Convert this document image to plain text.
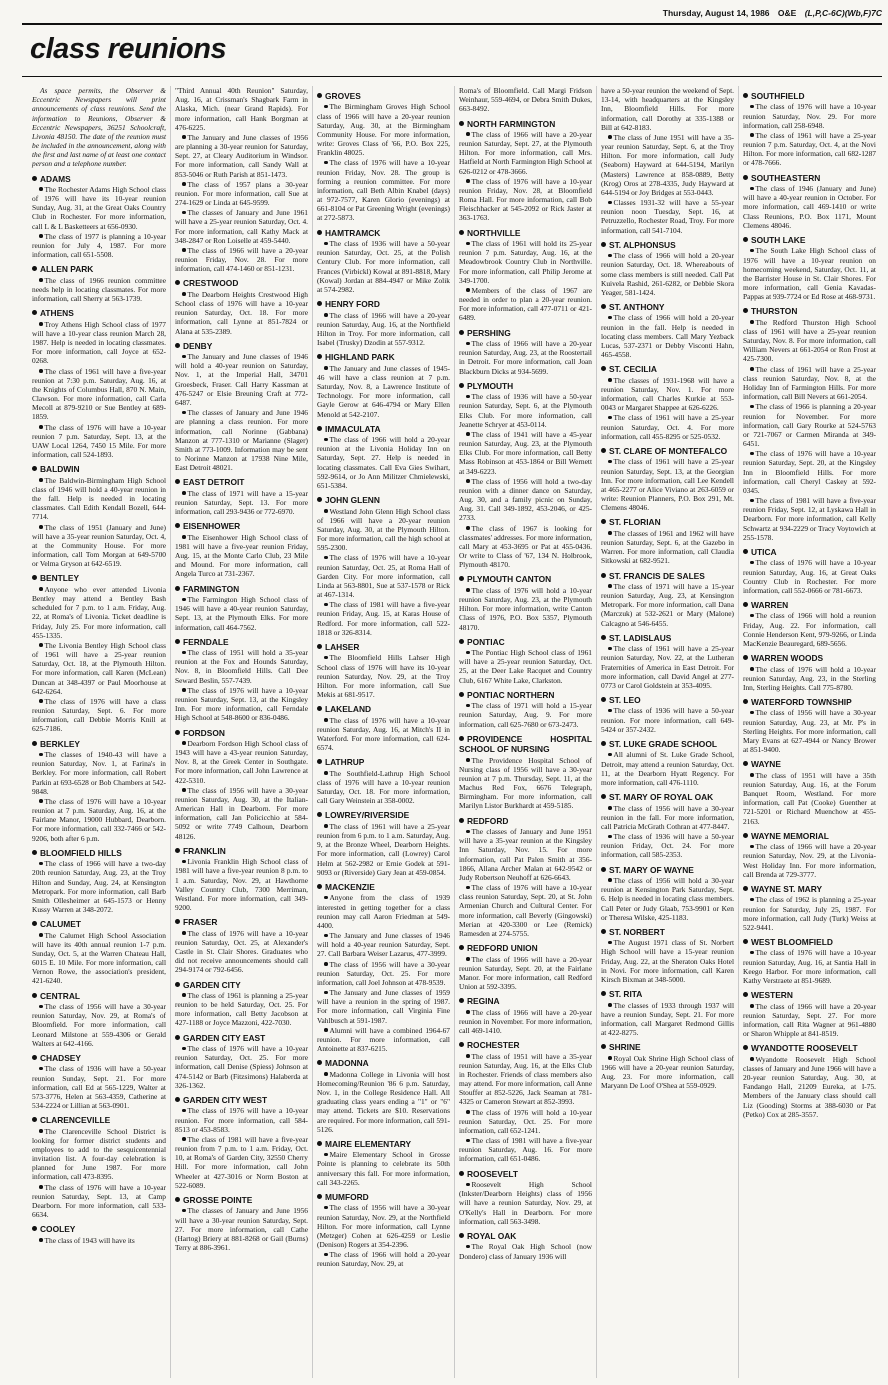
Thursday, August 14, 1986 O&E (L,P,C-6C)(Wb,F)7C
class reunions

As space permits, the Observer & Eccentric Newspapers will print announcements of class reunions. Send the information to Reunions, Observer & Eccentric Newspapers, 36251 Schoolcraft, Livonia 48150. The date of the reunion must be included in the announcement, along with the first and last name of at least one contact person and a telephone number.

ADAMS

The Rochester Adams High School class of 1976 will have its 10-year reunion Sunday, Aug. 31, at the Great Oaks Country Club in Rochester. For more information, call L & L Basketteers at 656-0930.

The class of 1977 is planning a 10-year reunion for July 4, 1987. For more information, call 651-5508.

ALLEN PARK

The class of 1966 reunion committee needs help in locating classmates. For more information, call Sherry at 563-1739.

ATHENS

Troy Athens High School class of 1977 will have a 10-year class reunion March 28, 1987. Help is needed in locating classmates. For more information, call Joyce at 652-0268.

The class of 1961 will have a five-year reunion at 7:30 p.m. Saturday, Aug. 16, at the Knights of Columbus Hall, 870 N. Main, Clawson. For more information, call Carla Mecoll at 879-9210 or Sue Bentley at 689-1859.

The class of 1976 will have a 10-year reunion 7 p.m. Saturday, Sept. 13, at the UAW Local 1264, 7450 15 Mile. For more information, call 524-1893.

BALDWIN

The Baldwin-Birmingham High School class of 1946 will hold a 40-year reunion in the fall. Help is needed in locating classmates. Call Edith Kendall Bozell, 644-7714.

The class of 1951 (January and June) will have a 35-year reunion Saturday, Oct. 4, at the Community House. For more information, call Tom Morgan at 649-5700 or Velma Gryson at 642-6519.

BENTLEY

Anyone who ever attended Livonia Bentley may attend a Bentley Bash scheduled for 7 p.m. to 1 a.m. Friday, Aug. 22, at Roma's of Livonia. Ticket deadline is Friday, July 25. For more information, call 455-1335.

The Livonia Bentley High School class of 1961 will have a 25-year reunion Saturday, Oct. 18, at the Plymouth Hilton. For more information, call Karen (McLean) Duncan at 348-4397 or Paul Moorhouse at 642-6264.

The class of 1976 will have a class reunion Saturday, Sept. 6. For more information, call Debbie Morris Knill at 625-7186.

BERKLEY

The classes of 1940-43 will have a reunion Saturday, Nov. 1, at Farina's in Berkley. For more information, call Robert Parkin at 693-6528 or Bob Chambers at 542-9848.

The class of 1976 will have a 10-year reunion at 7 p.m. Saturday, Aug. 16, at the Fairlane Manor, 19000 Hubbard, Dearborn. For more information, call 332-7466 or 542-9206, both after 6 p.m.

BLOOMFIELD HILLS

The class of 1966 will have a two-day 20th reunion Saturday, Aug. 23, at the Troy Hilton and Sunday, Aug. 24, at Kensington Metropark. For more information, call Barb Smith Ollesheimer at 645-1573 or Henny Kussy Warren at 348-2072.

CALUMET

The Calumet High School Association will have its 40th annual reunion 1-7 p.m. Sunday, Oct. 5, at the Warren Chateau Hall, 6015 E. 10 Mile. For more information, call Vernon Rowe, the association's president, 421-6240.

CENTRAL

The class of 1956 will have a 30-year reunion Saturday, Nov. 29, at Roma's of Bloomfield. For more information, call Leonard Milstone at 559-4306 or Gerald Walters at 642-4166.

CHADSEY

The class of 1936 will have a 50-year reunion Sunday, Sept. 21. For more information, call Ed at 565-1229, Walter at 573-3776, Helen at 563-4359, Catherine at 534-2224 or Lillian at 563-0901.

CLARENCEVILLE

The Clarenceville School District is looking for former district students and employees to add to the sesquicentennial invitation list. A four-day celebration is planned for June 1987. For more information, call 473-8395.

The class of 1976 will have a 10-year reunion Saturday, Sept. 13, at Camp Dearborn. For more information, call 533-6634.

COOLEY

The class of 1943 will have its

"Third Annual 40th Reunion" Saturday, Aug. 16, at Crissman's Shagbark Farm in Alaska, Mich. (near Grand Rapids). For more information, call Hank Borgman at 476-6225.

The January and June classes of 1956 are planning a 30-year reunion for Saturday, Sept. 27, at Cleary Auditorium in Windsor. For more information, call Sandy Wall at 853-5046 or Ruth Parish at 851-1473.

The class of 1957 plans a 30-year reunion. For more information, call Sue at 274-1629 or Linda at 645-9599.

The classes of January and June 1961 will have a 25-year reunion Saturday, Oct. 4. For more information, call Kathy Mack at 348-2847 or Ron Loiselle at 459-5440.

The class of 1966 will have a 20-year reunion Friday, Nov. 28. For more information, call 474-1460 or 851-1231.

CRESTWOOD

The Dearborn Heights Crestwood High School class of 1976 will have a 10-year reunion Saturday, Oct. 18. For more information, call Lynne at 851-7824 or Alana at 535-2389.

DENBY

The January and June classes of 1946 will hold a 40-year reunion on Saturday, Nov. 1, at the Imperial Hall, 34701 Groesbeck, Fraser. Call Harry Kassman at 476-5247 or Elsie Breuning Craft at 772-6487.

The classes of January and June 1946 are planning a class reunion. For more information, call Norinne (Gabbana) Manzon at 777-1310 or Marianne (Slager) Smith at 773-1009. Information may be sent to Norinne Manzon at 17938 Nine Mile, East Detroit 48021.

EAST DETROIT

The class of 1971 will have a 15-year reunion Saturday, Sept. 13. For more information, call 293-9436 or 772-6970.

EISENHOWER

The Eisenhower High School class of 1981 will have a five-year reunion Friday, Aug. 15, at the Monte Carlo Club, 23 Mile and Mound. For more information, call Angela Turco at 731-2367.

FARMINGTON

The Farmington High School class of 1946 will have a 40-year reunion Saturday, Sept. 13, at the Plymouth Elks. For more information, call 464-7562.

FERNDALE

The class of 1951 will hold a 35-year reunion at the Fox and Hounds Saturday, Nov. 8, in Bloomfield Hills. Call Dee Seward Beslin, 557-7439.

The class of 1976 will have a 10-year reunion Saturday, Sept. 13, at the Kingsley Inn. For more information, call Ferndale High School at 548-8600 or 836-0486.

FORDSON

Dearborn Fordson High School class of 1943 will have a 43-year reunion Saturday, Nov. 8, at the Greek Center in Southgate. For more information, call John Lawrence at 422-5310.

The class of 1956 will have a 30-year reunion Saturday, Aug. 30, at the Italian-American Hall in Dearborn. For more information, call Jan Policicchio at 584-5092 or write 7749 Calhoun, Dearborn 48126.

FRANKLIN

Livonia Franklin High School class of 1981 will have a five-year reunion 8 p.m. to 1 a.m. Saturday, Nov. 29, at Hawthorne Valley Country Club, 7300 Merriman, Westland. For more information, call 349-9200.

FRASER

The class of 1976 will have a 10-year reunion Saturday, Oct. 25, at Alexander's Castle in St. Clair Shores. Graduates who did not receive announcements should call 294-9174 or 792-6456.

GARDEN CITY

The class of 1961 is planning a 25-year reunion to be held Saturday, Oct. 25. For more information, call Betty Jacobson at 427-1188 or Joyce Mazzoni, 422-7030.

GARDEN CITY EAST

The class of 1976 will have a 10-year reunion Saturday, Oct. 25. For more information, call Denise (Spiess) Johnson at 474-5142 or Barb (Fitzsimons) Halaberda at 326-1362.

GARDEN CITY WEST

The class of 1976 will have a 10-year reunion. For more information, call 584-8513 or 453-8583.

The class of 1981 will have a five-year reunion from 7 p.m. to 1 a.m. Friday, Oct. 10, at Roma's of Garden City, 32550 Cherry Hill. For more information, call John Wheeler at 427-3016 or Norm Boston at 522-6089.

GROSSE POINTE

The classes of January and June 1956 will have a 30-year reunion Saturday, Sept. 27. For more information, call Cathe (Hartog) Briery at 881-8268 or Gail (Burns) Terry at 886-3961.

GROVES

The Birmingham Groves High School class of 1966 will have a 20-year reunion Saturday, Aug. 30, at the Birmingham Community House. For more information, write: Groves Class of '66, P.O. Box 225, Franklin 48025.

The class of 1976 will have a 10-year reunion Friday, Nov. 28. The group is forming a reunion committee. For more information, call Beth Albin Knabel (days) at 972-7577, Karen Glorio (evenings) at 661-8104 or Pat Greening Wright (evenings) at 272-5873.

HAMTRAMCK

The class of 1936 will have a 50-year reunion Saturday, Oct. 25, at the Polish Century Club. For more information, call Frances (Virbickl) Kowal at 891-8818, Mary (Kowal) Jordan at 884-4947 or Mike Zolik at 574-2982.

HENRY FORD

The class of 1966 will have a 20-year reunion Saturday, Aug. 16, at the Northfield Hilton in Troy. For more information, call Isabel (Trusky) Dzodin at 557-9312.

HIGHLAND PARK

The January and June classes of 1945-46 will have a class reunion at 7 p.m. Saturday, Nov. 8, a Lawrence Institute of Technology. For more information, call Gayle Gerow at 646-4794 or Mary Ellen Menold at 542-2107.

IMMACULATA

The class of 1966 will hold a 20-year reunion at the Livonia Holiday Inn on Saturday, Sept. 27. Help is needed in locating classmates. Call Eva Gies Swihart, 592-9614, or Jo Ann Militzer Chmielewski, 651-5384.

JOHN GLENN

Westland John Glenn High School class of 1966 will have a 20-year reunion Saturday, Aug. 30, at the Plymouth Hilton. For more information, call the high school at 595-2300.

The class of 1976 will have a 10-year reunion Saturday, Oct. 25, at Roma Hall of Garden City. For more information, call Linda at 563-8801, Sue at 537-1578 or Rick at 467-1314.

The class of 1981 will have a five-year reunion Friday, Aug. 15, at Karas House of Redford. For more information, call 522-1818 or 326-8314.

LAHSER

The Bloomfield Hills Lahser High School class of 1976 will have its 10-year reunion Saturday, Nov. 29, at the Troy Hilton. For more information, call Sue Mekis at 681-9517.

LAKELAND

The class of 1976 will have a 10-year reunion Saturday, Aug. 16, at Mitch's II in Waterford. For more information, call 624-6574.

LATHRUP

The Southfield-Lathrup High School class of 1976 will have a 10-year reunion Saturday, Oct. 18. For more information, call Gary Weinstein at 358-0002.

LOWREY/RIVERSIDE

The class of 1961 will have a 25-year reunion from 6 p.m. to 1 a.m. Saturday, Aug. 9, at the Bronze Wheel, Dearborn Heights. For more information, call (Lowrey) Carol Helm at 562-2982 or Ernie Godek at 591-9093 or (Riverside) Gary Jean at 459-0854.

MACKENZIE

Anyone from the class of 1939 interested in getting together for a class reunion may call Aaron Friedman at 549-4400.

The January and June classes of 1946 will hold a 40-year reunion Saturday, Sept. 27. Call Barbara Weiser Lazarus, 477-3999.

The class of 1956 will have a 30-year reunion Saturday, Oct. 25. For more information, call Joel Johnson at 478-9539.

The January and June classes of 1959 will have a reunion in the spring of 1987. For more information, call Virginia Fine Vahlbusch at 591-1987.

Alumni will have a combined 1964-67 reunion. For more information, call Antoinette at 837-6215.

MADONNA

Madonna College in Livonia will host Homecoming/Reunion '86 6 p.m. Saturday, Nov. 1, in the College Residence Hall. All graduating class years ending a "1" or "6" may attend. Tickets are $10. Reservations are required. For more information, call 591-5126.

MAIRE ELEMENTARY

Maire Elementary School in Grosse Pointe is planning to celebrate its 50th anniversary this fall. For more information, call 343-2265.

MUMFORD

The class of 1956 will have a 30-year reunion Saturday, Nov. 29, at the Northfield Hilton. For more information, call Lynne (Metzger) Cohen at 626-4259 or Leslie (Denison) Rogers at 354-2396.

The class of 1966 will hold a 20-year reunion Saturday, Nov. 29, at

Roma's of Bloomfield. Call Margi Fridson Weinhaur, 559-4694, or Debra Smith Dukes, 663-8492.

NORTH FARMINGTON

The class of 1966 will have a 20-year reunion Saturday, Sept. 27, at the Plymouth Hilton. For more information, call Mrs. Hatfield at North Farmington High School at 626-0212 or 478-3666.

The class of 1976 will have a 10-year reunion Friday, Nov. 28, at Bloomfield Roma Hall. For more information, call Bob Fleischhacker at 545-2092 or Rick Jaster at 363-1763.

NORTHVILLE

The class of 1961 will hold its 25-year reunion 7 p.m. Saturday, Aug. 16, at the Meadowbrook Country Club in Northville. For more information, call Philip Jerome at 349-1700.

Members of the class of 1967 are needed in order to plan a 20-year reunion. For more information, call 477-0711 or 421-6489.

PERSHING

The class of 1966 will have a 20-year reunion Saturday, Aug. 23, at the Roostertail in Detroit. For more information, call Joan Blackburn Dicks at 934-5699.

PLYMOUTH

The class of 1936 will have a 50-year reunion Saturday, Sept. 6, at the Plymouth Elks Club. For more information, call Jeanette Schryer at 453-0114.

The class of 1941 will have a 45-year reunion Saturday, Aug. 23, at the Plymouth Elks Club. For more information, call Betty Mass Robinson at 453-1864 or Bill Wernett at 349-6223.

The class of 1956 will hold a two-day reunion with a dinner dance on Saturday, Aug. 30, and a family picnic on Sunday, Aug. 31. Call 349-1892, 453-2046, or 425-2733.

The class of 1967 is looking for classmates' addresses. For more information, call Mary at 453-3695 or Pat at 455-0436. Or write to Class of '67, 134 N. Holbrook, Plymouth 48170.

PLYMOUTH CANTON

The class of 1976 will hold a 10-year reunion Saturday, Aug. 23, at the Plymouth Hilton. For more information, write Canton Class of 1976, P.O. Box 5357, Plymouth 48170.

PONTIAC

The Pontiac High School class of 1961 will have a 25-year reunion Saturday, Oct. 25, at the Deer Lake Racquet and Country Club, 6167 White Lake, Clarkston.

PONTIAC NORTHERN

The class of 1971 will hold a 15-year reunion Saturday, Aug. 9. For more information, call 625-7680 or 673-2473.

PROVIDENCE HOSPITAL SCHOOL OF NURSING

The Providence Hospital School of Nursing class of 1956 will have a 30-year reunion at 7 p.m. Thursday, Sept. 11, at the Machus Red Fox, 6676 Telegraph, Birmingham. For more information, call Marilyn Listor Burkhardt at 459-5185.

REDFORD

The classes of January and June 1951 will have a 35-year reunion at the Kingsley Inn Saturday, Nov. 15. For more information, call Pat Palen Smith at 356-1866, Allana Archer Malan at 642-9542 or Judy Robertson Neuhoff at 626-6643.

The class of 1976 will have a 10-year class reunion Saturday, Sept. 20, at St. John Armenian Church and Cultural Center. For more information, call Beverly (Gingowski) Merian at 420-3300 or Lee (Remick) Ramesden at 274-5755.

REDFORD UNION

The class of 1966 will have a 20-year reunion Saturday, Sept. 20, at the Fairlane Manor. For more information, call Redford Union at 592-3395.

REGINA

The class of 1966 will have a 20-year reunion in November. For more information, call 469-1410.

ROCHESTER

The class of 1951 will have a 35-year reunion Saturday, Aug. 16, at the Elks Club in Rochester. Friends of class members also may attend. For more information, call Anne Stouffer at 852-5226, Jack Seaman at 781-4325 or Cameron Stewart at 852-3993.

The class of 1976 will hold a 10-year reunion Saturday, Oct. 25. For more information, call 652-1241.

The class of 1981 will have a five-year reunion Saturday, Aug. 16. For more information, call 651-0486.

ROOSEVELT

Roosevelt High School (Inkster/Dearborn Heights) class of 1956 will have a reunion Saturday, Nov. 29, at O'Kelly's Hall in Dearborn. For more information, call 563-3498.

ROYAL OAK

The Royal Oak High School (now Dondero) class of January 1936 will

have a 50-year reunion the weekend of Sept. 13-14, with headquarters at the Kingsley Inn, Bloomfield Hills. For more information, call Dorothy at 335-1388 or Bill at 642-8183.

The class of June 1951 will have a 35-year reunion Saturday, Sept. 6, at the Troy Hilton. For more information, call Judy (Seaborn) Hayward at 644-5194, Marilyn (Masters) Lawrence at 858-0889, Betty (Krog) Oros at 278-4335, Judy Hayward at 644-5194 or Joy Bridges at 553-0443.

Classes 1931-32 will have a 55-year reunion noon Tuesday, Sept. 16, at Petruzzello, Rochester Road, Troy. For more information, call 541-7104.

ST. ALPHONSUS

The class of 1966 will hold a 20-year reunion Saturday, Oct. 18. Whereabouts of some class members is still needed. Call Pat Kuivela Rashid, 261-6282, or Debbie Skora Yeager, 581-1424.

ST. ANTHONY

The class of 1966 will hold a 20-year reunion in the fall. Help is needed in locating class members. Call Mary Yezback Lucas, 537-2371 or Debby Visconti Hahn, 465-4558.

ST. CECILIA

The classes of 1931-1968 will have a reunion Saturday, Nov. 1. For more information, call Charles Kurkie at 553-0043 or Margaret Shappee at 626-6226.

The class of 1961 will have a 25-year reunion Saturday, Oct. 4. For more information, call 455-8295 or 525-0532.

ST. CLARE OF MONTEFALCO

The class of 1961 will have a 25-year reunion Saturday, Sept. 13, at the Georgian Inn. For more information, call Lee Kendell at 465-2277 or Alice Viviano at 263-6059 or write: Reunion Planners, P.O. Box 291, Mt. Clemens 48046.

ST. FLORIAN

The classes of 1961 and 1962 will have reunion Saturday, Sept. 6, at the Gazebo in Warren. For more information, call Claudia Sitkowski at 682-9521.

ST. FRANCIS DE SALES

The class of 1971 will have a 15-year reunion Saturday, Aug. 23, at Kensington Metropark. For more information, call Dana (Marczuk) at 532-2621 or Mary (Malone) Calcagno at 546-6455.

ST. LADISLAUS

The class of 1961 will have a 25-year reunion Saturday, Nov. 22, at the Lutheran Fraternities of America in East Detroit. For more information, call David Angel at 277-0773 or Carol Goldstein at 353-4095.

ST. LEO

The class of 1936 will have a 50-year reunion. For more information, call 649-5424 or 357-2432.

ST. LUKE GRADE SCHOOL

All alumni of St. Luke Grade School, Detroit, may attend a reunion Saturday, Oct. 11, at the Dearborn Hyatt Regency. For more information, call 476-1110.

ST. MARY OF ROYAL OAK

The class of 1956 will have a 30-year reunion in the fall. For more information, call Patricia McGrath Cothran at 477-8447.

The class of 1936 will have a 50-year reunion Friday, Oct. 24. For more information, call 585-2353.

ST. MARY OF WAYNE

The class of 1956 will hold a 30-year reunion at Kensington Park Saturday, Sept. 6. Help is needed in locating class members. Call Peter or Judy Glaab, 753-9901 or Ken or Theresa Wilske, 425-1183.

ST. NORBERT

The August 1971 class of St. Norbert High School will have a 15-year reunion Friday, Aug. 22, at the Sheraton Oaks Hotel in Novi. For more information, call Karen Kirsch Bixman at 348-5000.

ST. RITA

The classes of 1933 through 1937 will have a reunion Sunday, Sept. 21. For more information, call Margaret Redmond Gillis at 422-8275.

SHRINE

Royal Oak Shrine High School class of 1966 will have a 20-year reunion Saturday, Aug. 23. For more information, call Maryann De Loof O'Shea at 559-0929.

SOUTHFIELD

The class of 1976 will have a 10-year reunion Saturday, Nov. 29. For more information, call 258-6948.

The class of 1961 will have a 25-year reunion 7 p.m. Saturday, Oct. 4, at the Novi Hilton. For more information, call 682-1287 or 478-7666.

SOUTHEASTERN

The class of 1946 (January and June) will have a 40-year reunion in October. For more information, call 469-1410 or write Class Reunions, P.O. Box 1171, Mount Clemens 48046.

SOUTH LAKE

The South Lake High School class of 1976 will have a 10-year reunion on homecoming weekend, Saturday, Oct. 11, at the Barrister House in St. Clair Shores. For more information, call Genia Kavadas-Pappas at 939-7724 or Ed Rose at 468-9731.

THURSTON

The Redford Thurston High School class of 1961 will have a 25-year reunion Saturday, Nov. 8. For more information, call William Nevers at 661-2054 or Ron Frost at 425-7300.

The class of 1961 will have a 25-year class reunion Saturday, Nov. 8, at the Holiday Inn of Farmington Hills. For more information, call Bill Nevers at 661-2054.

The class of 1966 is planning a 20-year reunion for November. For more information, call Gary Rourke at 524-5763 or 721-7067 or Carmen Miranda at 349-6451.

The class of 1976 will have a 10-year reunion Saturday, Sept. 20, at the Kingsley Inn in Bloomfield Hills. For more information, call Cheryl Caskey at 592-0345.

The class of 1981 will have a five-year reunion Friday, Sept. 12, at Lyskawa Hall in Dearborn. For more information, call Kelly Schwartz at 934-2229 or Tracy Voytowich at 255-1578.

UTICA

The class of 1976 will have a 10-year reunion Saturday, Aug. 16, at Great Oaks Country Club in Rochester. For more information, call 552-0666 or 781-6673.

WARREN

The class of 1966 will hold a reunion Friday, Aug. 22. For information, call Connie Henderson Kent, 979-9266, or Linda MacKenzie Beauregard, 689-5656.

WARREN WOODS

The class of 1976 will hold a 10-year reunion Saturday, Aug. 23, in the Sterling Inn, Sterling Heights. Call 775-8780.

WATERFORD TOWNSHIP

The class of 1956 will have a 30-year reunion Saturday, Aug. 23, at Mr. P's in Sterling Heights. For more information, call Mary Evans at 627-4944 or Nancy Brower at 851-9400.

WAYNE

The class of 1951 will have a 35th reunion Saturday, Aug. 16, at the Forum Banquet Room, Westland. For more information, call Pat (Cooke) Guenther at 721-5201 or Richard Muenchow at 455-2163.

WAYNE MEMORIAL

The class of 1966 will have a 20-year reunion Saturday, Nov. 29, at the Livonia-West Holiday Inn. For more information, call Brenda at 729-3777.

WAYNE ST. MARY

The class of 1962 is planning a 25-year reunion for Saturday, July 25, 1987. For more information, call Judy (Turk) Weiss at 522-9441.

WEST BLOOMFIELD

The class of 1976 will have a 10-year reunion Saturday, Aug. 16, at Santia Hall in Keego Harbor. For more information, call Kathy Verstraete at 851-9689.

WESTERN

The class of 1966 will have a 20-year reunion Saturday, Sept. 27. For more information, call Rita Wagner at 961-4880 or Sharon Whipple at 841-8519.

WYANDOTTE ROOSEVELT

Wyandotte Roosevelt High School classes of January and June 1966 will have a 20-year reunion Saturday, Aug. 30, at Fandango Hall, 21209 Eureka, at I-75. Members of the January class should call Liz (Gooding) Storms at 388-6030 or Pat (Petko) Cox at 285-3557.
